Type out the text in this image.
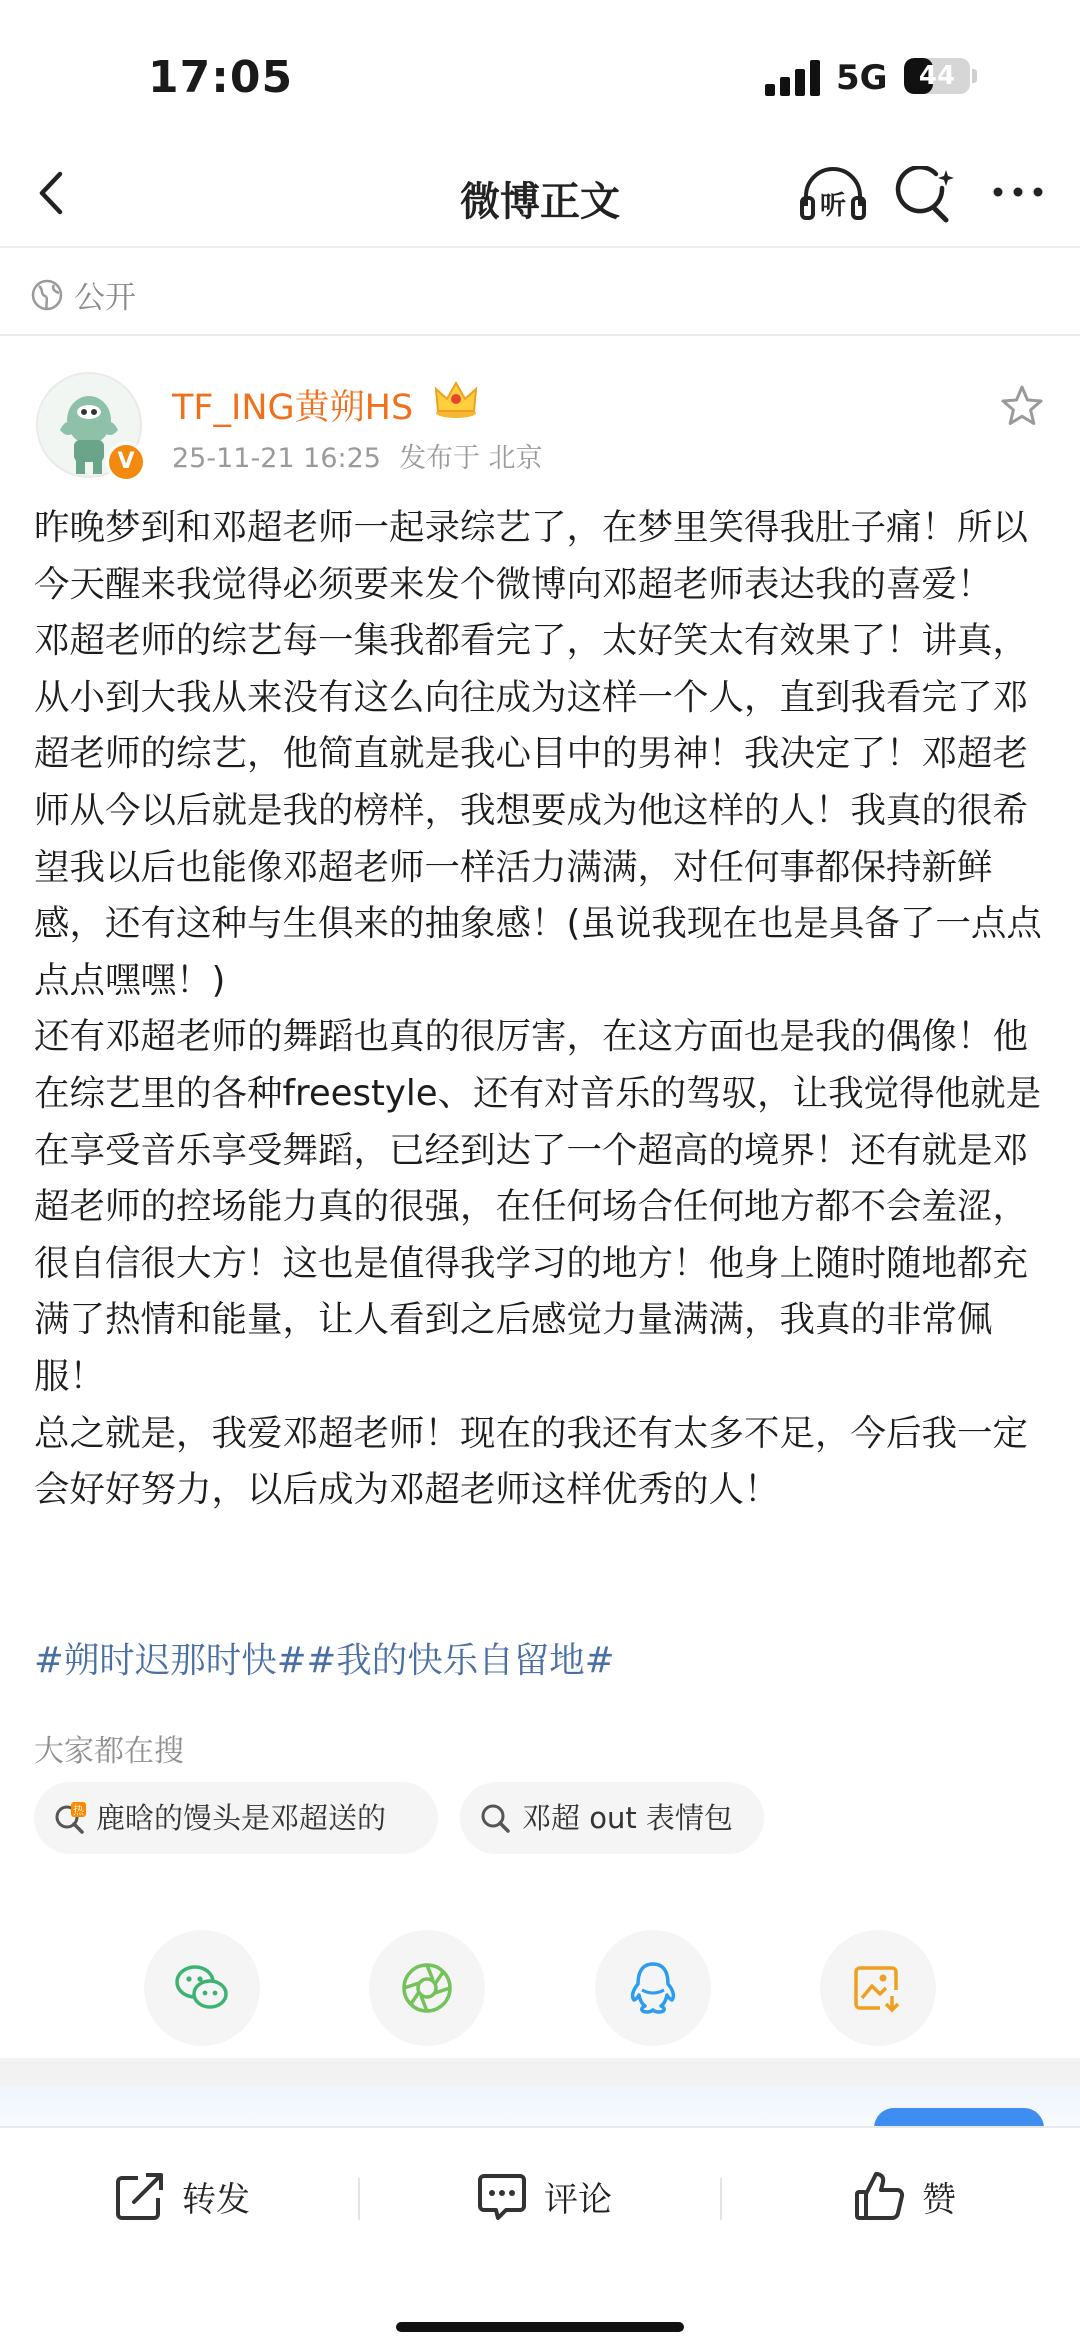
17:05	5G	44
微博正文	听
公开
V
TF_ING黄朔HS
25-11-21 16:25 发布于 北京

昨晚梦到和邓超老师一起录综艺了，在梦里笑得我肚子痛！所以今天醒来我觉得必须要来发个微博向邓超老师表达我的喜爱！

邓超老师的综艺每一集我都看完了，太好笑太有效果了！讲真，从小到大我从来没有这么向往成为这样一个人，直到我看完了邓超老师的综艺，他简直就是我心目中的男神！我决定了！邓超老师从今以后就是我的榜样，我想要成为他这样的人！我真的很希望我以后也能像邓超老师一样活力满满，对任何事都保持新鲜感，还有这种与生俱来的抽象感！(虽说我现在也是具备了一点点点点嘿嘿！)

还有邓超老师的舞蹈也真的很厉害，在这方面也是我的偶像！他在综艺里的各种freestyle、还有对音乐的驾驭，让我觉得他就是在享受音乐享受舞蹈，已经到达了一个超高的境界！还有就是邓超老师的控场能力真的很强，在任何场合任何地方都不会羞涩，很自信很大方！这也是值得我学习的地方！他身上随时随地都充满了热情和能量，让人看到之后感觉力量满满，我真的非常佩服！

总之就是，我爱邓超老师！现在的我还有太多不足，今后我一定会好好努力，以后成为邓超老师这样优秀的人！

#朔时迟那时快##我的快乐自留地#
大家都在搜
热 鹿晗的馒头是邓超送的	邓超 out 表情包
转发	评论	赞
